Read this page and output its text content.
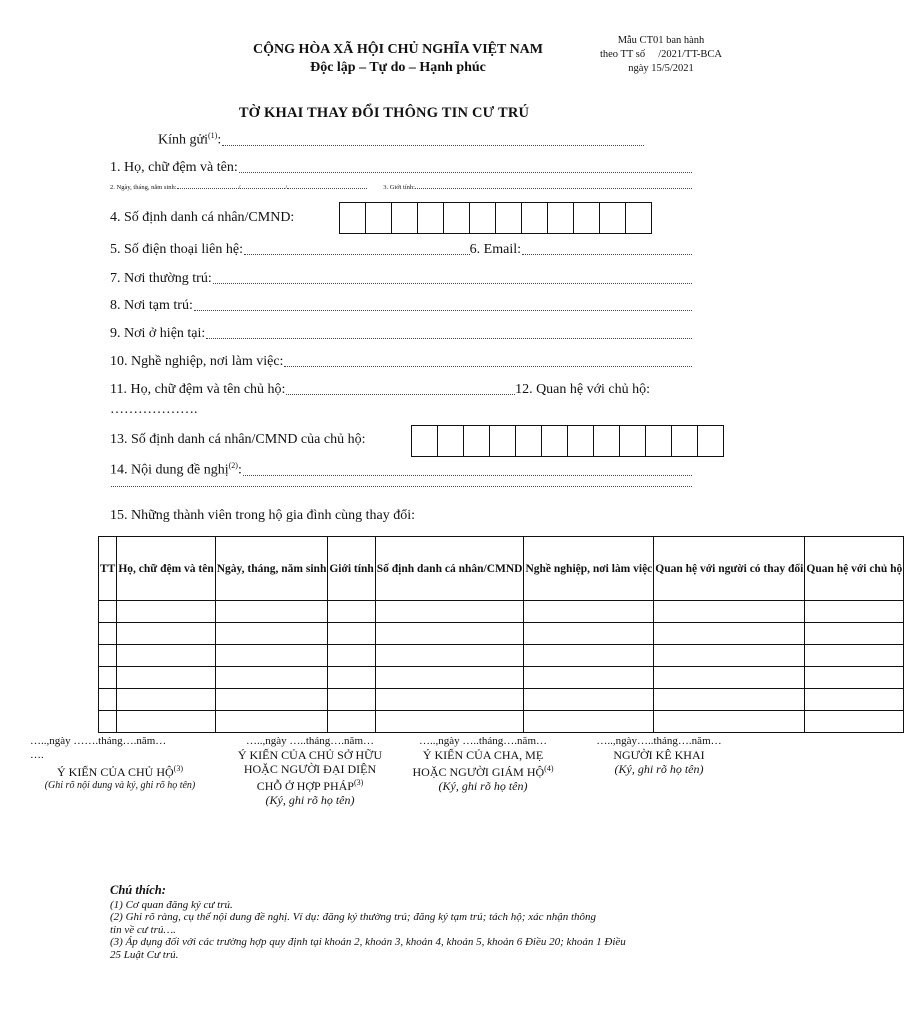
CỘNG HÒA XÃ HỘI CHỦ NGHĨA VIỆT NAM
Độc lập – Tự do – Hạnh phúc
Mẫu CT01 ban hành
theo TT số     /2021/TT-BCA
ngày 15/5/2021
TỜ KHAI THAY ĐỔI THÔNG TIN CƯ TRÚ
Kính gửi$^{(1)}$:
1. Họ, chữ đệm và tên:
2. Ngày, tháng, năm sinh:	/	/	3. Giới tính:
4. Số định danh cá nhân/CMND:
5. Số điện thoại liên hệ:	6. Email:
7. Nơi thường trú:
8. Nơi tạm trú:
9. Nơi ở hiện tại:
10. Nghề nghiệp, nơi làm việc:
11. Họ, chữ đệm và tên chủ hộ:	12. Quan hệ với chủ hộ:
……………….
13. Số định danh cá nhân/CMND của chủ hộ:
14. Nội dung đề nghị$^{(2)}$:
15. Những thành viên trong hộ gia đình cùng thay đổi:
TT	Họ, chữ đệm và tên	Ngày, tháng, năm sinh	Giới tính	Số định danh cá nhân/CMND	Nghề nghiệp, nơi làm việc	Quan hệ với người có thay đổi	Quan hệ với chủ hộ

…..,ngày …….tháng….năm…
….
Ý KIẾN CỦA CHỦ HỘ$^{(3)}$
(Ghi rõ nội dung và ký, ghi rõ họ tên)
…..,ngày …..tháng….năm…
Ý KIẾN CỦA CHỦ SỞ HỮU
HOẶC NGƯỜI ĐẠI DIỆN
CHỖ Ở HỢP PHÁP$^{(3)}$
(Ký, ghi rõ họ tên)
…..,ngày …..tháng….năm…
Ý KIẾN CỦA CHA, MẸ
HOẶC NGƯỜI GIÁM HỘ$^{(4)}$
(Ký, ghi rõ họ tên)
…..,ngày…..tháng….năm…
NGƯỜI KÊ KHAI
(Ký, ghi rõ họ tên)
Chú thích:
(1) Cơ quan đăng ký cư trú.
(2) Ghi rõ ràng, cụ thể nội dung đề nghị. Ví dụ: đăng ký thường trú; đăng ký tạm trú; tách hộ; xác nhận thông
tin về cư trú….
(3) Áp dụng đối với các trường hợp quy định tại khoản 2, khoản 3, khoản 4, khoản 5, khoản 6 Điều 20; khoản 1 Điều
25 Luật Cư trú.
